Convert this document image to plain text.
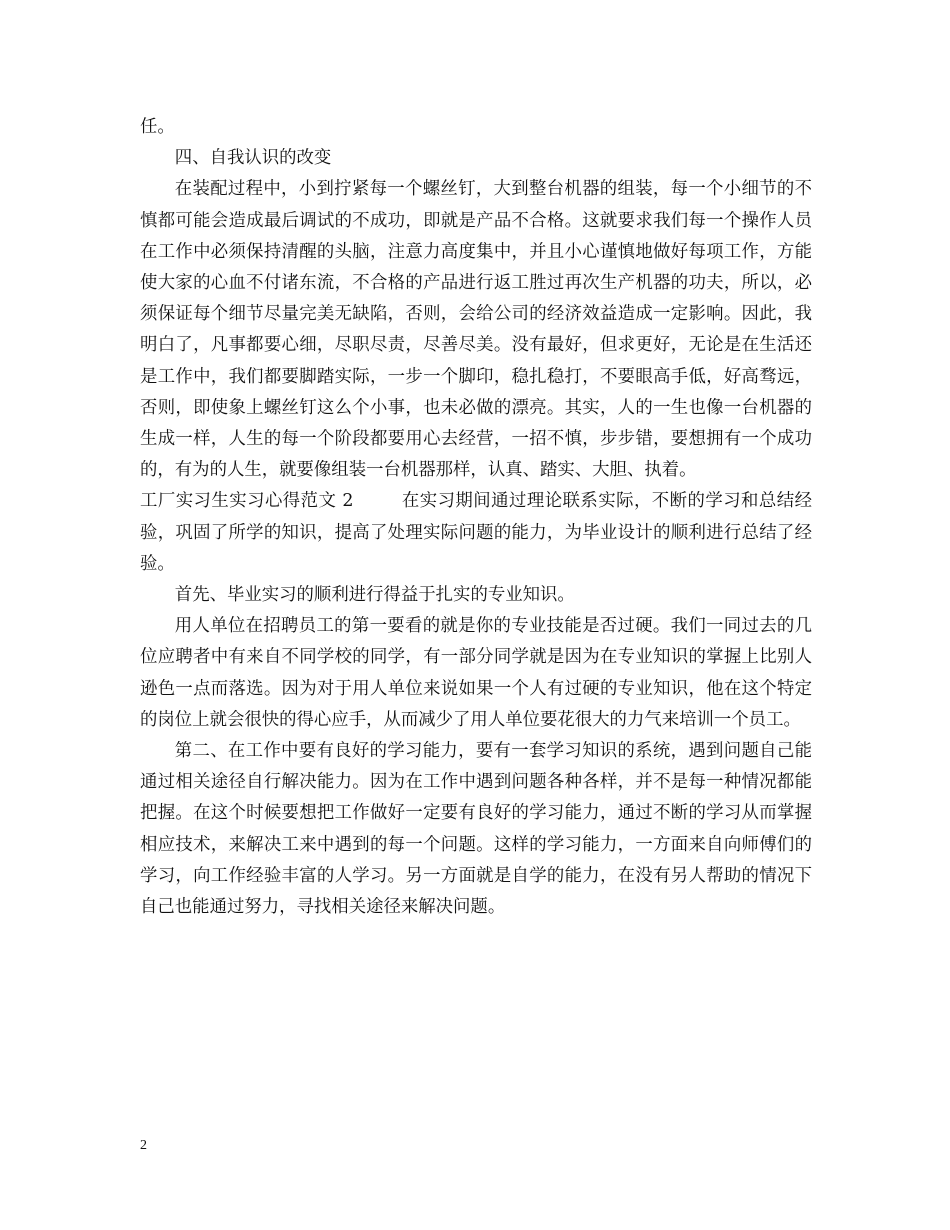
任。

四、自我认识的改变

在装配过程中，小到拧紧每一个螺丝钉，大到整台机器的组装，每一个小细节的不慎都可能会造成最后调试的不成功，即就是产品不合格。这就要求我们每一个操作人员在工作中必须保持清醒的头脑，注意力高度集中，并且小心谨慎地做好每项工作，方能使大家的心血不付诸东流，不合格的产品进行返工胜过再次生产机器的功夫，所以，必须保证每个细节尽量完美无缺陷，否则，会给公司的经济效益造成一定影响。因此，我明白了，凡事都要心细，尽职尽责，尽善尽美。没有最好，但求更好，无论是在生活还是工作中，我们都要脚踏实际，一步一个脚印，稳扎稳打，不要眼高手低，好高骛远，否则，即使象上螺丝钉这么个小事，也未必做的漂亮。其实，人的一生也像一台机器的生成一样，人生的每一个阶段都要用心去经营，一招不慎，步步错，要想拥有一个成功的，有为的人生，就要像组装一台机器那样，认真、踏实、大胆、执着。

工厂实习生实习心得范文 2	在实习期间通过理论联系实际，不断的学习和总结经验，巩固了所学的知识，提高了处理实际问题的能力，为毕业设计的顺利进行总结了经验。

首先、毕业实习的顺利进行得益于扎实的专业知识。

用人单位在招聘员工的第一要看的就是你的专业技能是否过硬。我们一同过去的几位应聘者中有来自不同学校的同学，有一部分同学就是因为在专业知识的掌握上比别人逊色一点而落选。因为对于用人单位来说如果一个人有过硬的专业知识，他在这个特定的岗位上就会很快的得心应手，从而减少了用人单位要花很大的力气来培训一个员工。

第二、在工作中要有良好的学习能力，要有一套学习知识的系统，遇到问题自己能通过相关途径自行解决能力。因为在工作中遇到问题各种各样，并不是每一种情况都能把握。在这个时候要想把工作做好一定要有良好的学习能力，通过不断的学习从而掌握相应技术，来解决工来中遇到的每一个问题。这样的学习能力，一方面来自向师傅们的学习，向工作经验丰富的人学习。另一方面就是自学的能力，在没有另人帮助的情况下自己也能通过努力，寻找相关途径来解决问题。

2
